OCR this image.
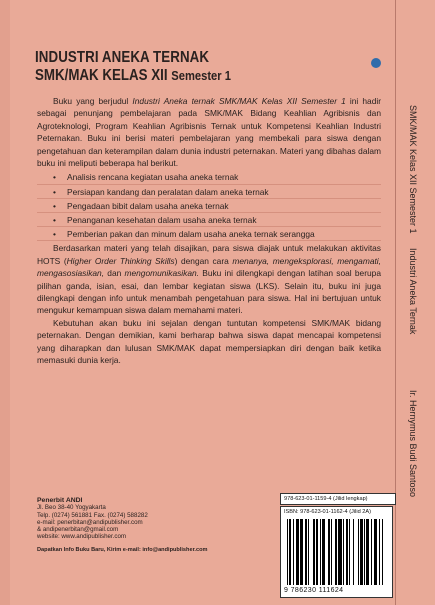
INDUSTRI ANEKA TERNAK
SMK/MAK KELAS XII Semester 1

Buku yang berjudul Industri Aneka ternak SMK/MAK Kelas XII Semester 1 ini hadir sebagai penunjang pembelajaran pada SMK/MAK Bidang Keahlian Agribisnis dan Agroteknologi, Program Keahlian Agribisnis Ternak untuk Kompetensi Keahlian Industri Peternakan. Buku ini berisi materi pembelajaran yang membekali para siswa dengan pengetahuan dan keterampilan dalam dunia industri peternakan. Materi yang dibahas dalam buku ini meliputi beberapa hal berikut.

• Analisis rencana kegiatan usaha aneka ternak
• Persiapan kandang dan peralatan dalam aneka ternak
• Pengadaan bibit dalam usaha aneka ternak
• Penanganan kesehatan dalam usaha aneka ternak
• Pemberian pakan dan minum dalam usaha aneka ternak serangga

Berdasarkan materi yang telah disajikan, para siswa diajak untuk melakukan aktivitas HOTS (Higher Order Thinking Skills) dengan cara menanya, mengeksplorasi, mengamati, mengasosiasikan, dan mengomunikasikan. Buku ini dilengkapi dengan latihan soal berupa pilihan ganda, isian, esai, dan lembar kegiatan siswa (LKS). Selain itu, buku ini juga dilengkapi dengan info untuk menambah pengetahuan para siswa. Hal ini bertujuan untuk mengukur kemampuan siswa dalam memahami materi.

Kebutuhan akan buku ini sejalan dengan tuntutan kompetensi SMK/MAK bidang peternakan. Dengan demikian, kami berharap bahwa siswa dapat mencapai kompetensi yang diharapkan dan lulusan SMK/MAK dapat mempersiapkan diri dengan baik ketika memasuki dunia kerja.

SMK/MAK Kelas XII Semester 1
Industri Aneka Ternak
Ir. Hernymus Budi Santoso
978-623-01-1159-4 (Jilid lengkap)
ISBN: 978-623-01-1162-4 (Jilid 2A)
9 786230 111624
Penerbit ANDI
Jl. Beo 38-40 Yogyakarta
Telp. (0274) 561881 Fax. (0274) 588282
e-mail: penerbitan@andipublisher.com
& andipenerbitan@gmail.com
website: www.andipublisher.com
Dapatkan Info Buku Baru, Kirim e-mail: info@andipublisher.com
